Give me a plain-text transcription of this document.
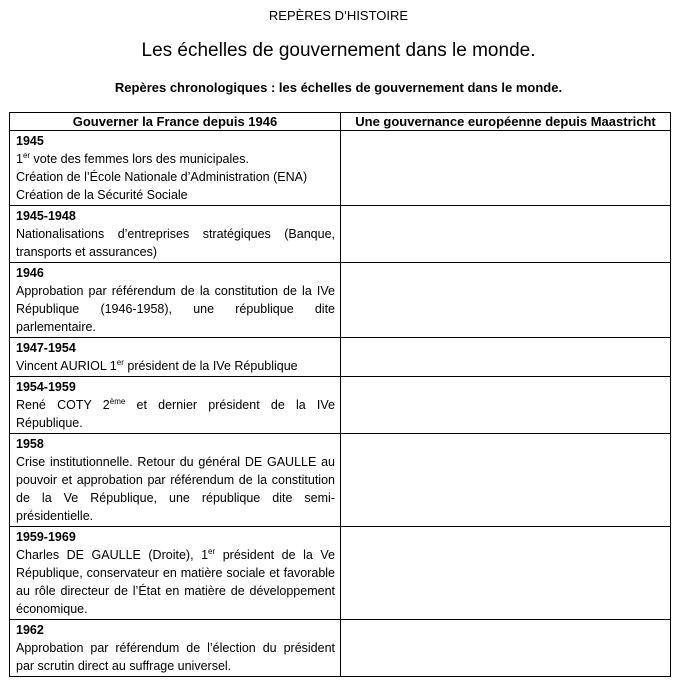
REPÈRES D’HISTOIRE
Les échelles de gouvernement dans le monde.
Repères chronologiques : les échelles de gouvernement dans le monde.
Gouverner la France depuis 1946	Une gouvernance européenne depuis Maastricht

1945
1er vote des femmes lors des municipales.
Création de l’École Nationale d’Administration (ENA)
Création de la Sécurité Sociale	

1945-1948
Nationalisations d’entreprises stratégiques (Banque, transports et assurances)	

1946
Approbation par référendum de la constitution de la IVe République (1946-1958), une république dite parlementaire.	

1947-1954
Vincent AURIOL 1er président de la IVe République	

1954-1959
René COTY 2ème et dernier président de la IVe République.	

1958
Crise institutionnelle. Retour du général DE GAULLE au pouvoir et approbation par référendum de la constitution de la Ve République, une république dite semi-présidentielle.	

1959-1969
Charles DE GAULLE (Droite), 1er président de la Ve République, conservateur en matière sociale et favorable au rôle directeur de l’État en matière de développement économique.	

1962
Approbation par référendum de l’élection du président par scrutin direct au suffrage universel.	
